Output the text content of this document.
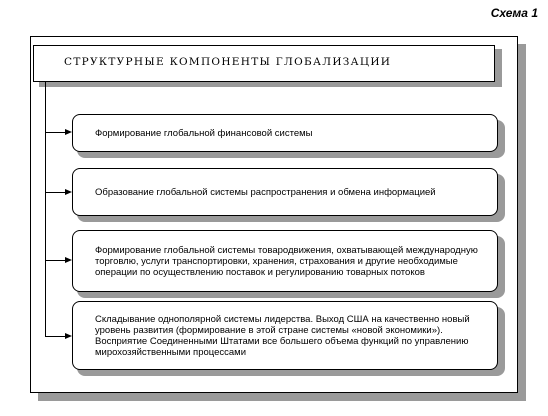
Схема 1
СТРУКТУРНЫЕ КОМПОНЕНТЫ ГЛОБАЛИЗАЦИИ
Формирование глобальной финансовой системы
Образование глобальной системы распространения и обмена информацией
Формирование глобальной системы товародвижения, охватывающей международную торговлю, услуги транспортировки, хранения, страхования и другие необходимые операции по осуществлению поставок и регулированию товарных потоков
Складывание однополярной системы лидерства. Выход США на качественно новый уровень развития (формирование в этой стране системы «новой экономики»). Восприятие Соединенными Штатами все большего объема функций по управлению мирохозяйственными процессами
